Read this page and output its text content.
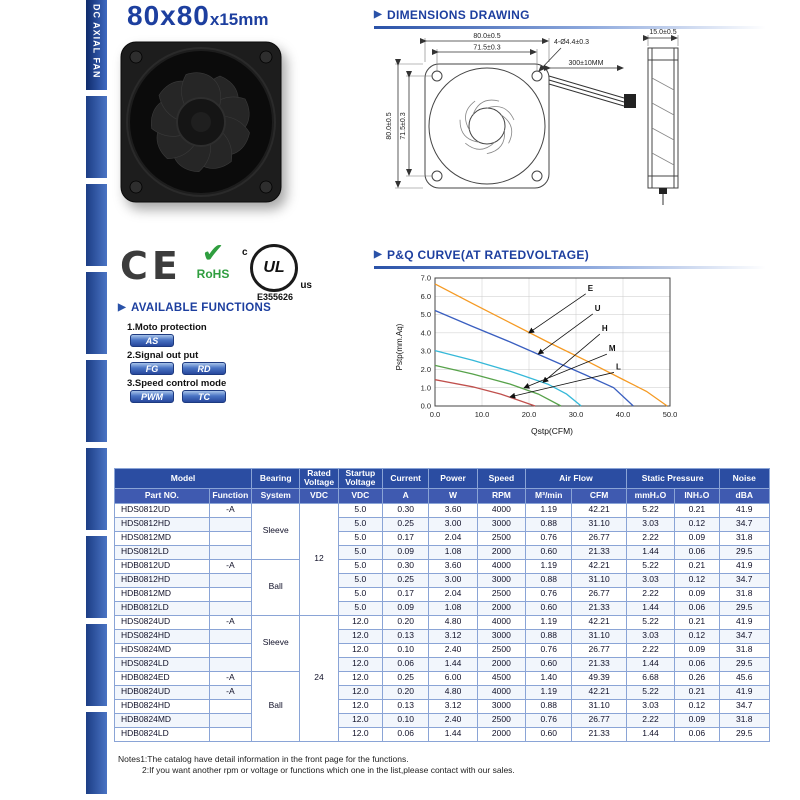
DC AXIAL FAN 80x80x15mm	▶ DIMENSIONS DRAWING
80.0±0.5
71.5±0.3
80.0±0.5 71.5±0.3
4-Ø4.4±0.3
300±10MM
15.0±0.5
CE ✔
RoHS	UL
c
us
E355626
▶ AVAILABLE FUNCTIONS
1.Moto protection
AS
2.Signal out put
FG	RD
3.Speed control mode
PWM	TC
▶ P&Q CURVE(AT RATEDVOLTAGE)
0.0
1.0
2.0
3.0
4.0
5.0
6.0
7.0
0.0	10.0	20.0	30.0	40.0	50.0
E
U
H
M
L
Pstp(mm.Aq)
Qstp(CFM)
Model		Bearing	Rated Voltage	Startup Voltage	Current	Power	Speed	Air Flow		Static Pressure		Noise
Part NO.	Function	System	VDC	VDC	A	W	RPM	M³/min	CFM	mmH₂O	INH₂O	dBA
HDS0812UD	-A	Sleeve	12	5.0	0.30	3.60	4000	1.19	42.21	5.22	0.21	41.9
HDS0812HD				5.0	0.25	3.00	3000	0.88	31.10	3.03	0.12	34.7
HDS0812MD				5.0	0.17	2.04	2500	0.76	26.77	2.22	0.09	31.8
HDS0812LD				5.0	0.09	1.08	2000	0.60	21.33	1.44	0.06	29.5
HDB0812UD	-A	Ball		5.0	0.30	3.60	4000	1.19	42.21	5.22	0.21	41.9
HDB0812HD				5.0	0.25	3.00	3000	0.88	31.10	3.03	0.12	34.7
HDB0812MD				5.0	0.17	2.04	2500	0.76	26.77	2.22	0.09	31.8
HDB0812LD				5.0	0.09	1.08	2000	0.60	21.33	1.44	0.06	29.5
HDS0824UD	-A	Sleeve	24	12.0	0.20	4.80	4000	1.19	42.21	5.22	0.21	41.9
HDS0824HD				12.0	0.13	3.12	3000	0.88	31.10	3.03	0.12	34.7
HDS0824MD				12.0	0.10	2.40	2500	0.76	26.77	2.22	0.09	31.8
HDS0824LD				12.0	0.06	1.44	2000	0.60	21.33	1.44	0.06	29.5
HDB0824ED	-A	Ball		12.0	0.25	6.00	4500	1.40	49.39	6.68	0.26	45.6
HDB0824UD	-A			12.0	0.20	4.80	4000	1.19	42.21	5.22	0.21	41.9
HDB0824HD				12.0	0.13	3.12	3000	0.88	31.10	3.03	0.12	34.7
HDB0824MD				12.0	0.10	2.40	2500	0.76	26.77	2.22	0.09	31.8
HDB0824LD				12.0	0.06	1.44	2000	0.60	21.33	1.44	0.06	29.5
Notes1:The catalog have detail information in the front page for the functions.
2:If you want another rpm or voltage or functions which one in the list,please contact with our sales.
